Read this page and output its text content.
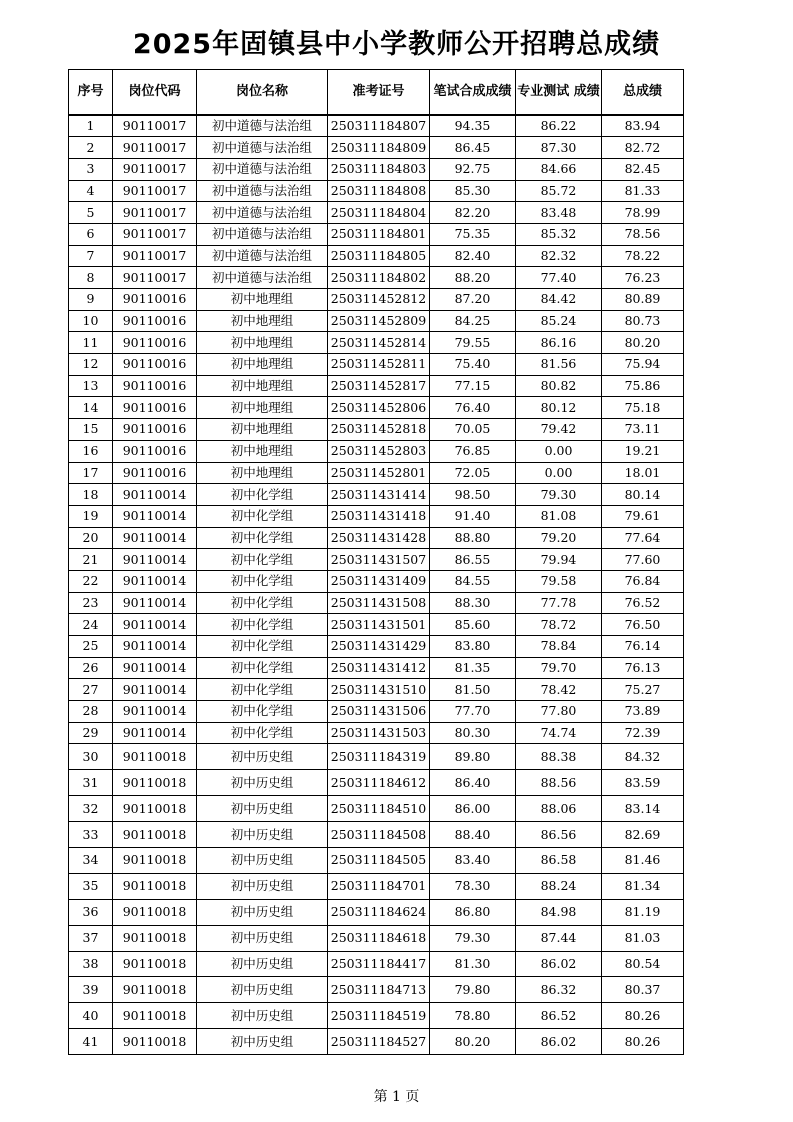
2025年固镇县中小学教师公开招聘总成绩
序号	岗位代码	岗位名称	准考证号	笔试合成成绩	专业测试 成绩	总成绩
1	90110017	初中道德与法治组	250311184807	94.35	86.22	83.94
2	90110017	初中道德与法治组	250311184809	86.45	87.30	82.72
3	90110017	初中道德与法治组	250311184803	92.75	84.66	82.45
4	90110017	初中道德与法治组	250311184808	85.30	85.72	81.33
5	90110017	初中道德与法治组	250311184804	82.20	83.48	78.99
6	90110017	初中道德与法治组	250311184801	75.35	85.32	78.56
7	90110017	初中道德与法治组	250311184805	82.40	82.32	78.22
8	90110017	初中道德与法治组	250311184802	88.20	77.40	76.23
9	90110016	初中地理组	250311452812	87.20	84.42	80.89
10	90110016	初中地理组	250311452809	84.25	85.24	80.73
11	90110016	初中地理组	250311452814	79.55	86.16	80.20
12	90110016	初中地理组	250311452811	75.40	81.56	75.94
13	90110016	初中地理组	250311452817	77.15	80.82	75.86
14	90110016	初中地理组	250311452806	76.40	80.12	75.18
15	90110016	初中地理组	250311452818	70.05	79.42	73.11
16	90110016	初中地理组	250311452803	76.85	0.00	19.21
17	90110016	初中地理组	250311452801	72.05	0.00	18.01
18	90110014	初中化学组	250311431414	98.50	79.30	80.14
19	90110014	初中化学组	250311431418	91.40	81.08	79.61
20	90110014	初中化学组	250311431428	88.80	79.20	77.64
21	90110014	初中化学组	250311431507	86.55	79.94	77.60
22	90110014	初中化学组	250311431409	84.55	79.58	76.84
23	90110014	初中化学组	250311431508	88.30	77.78	76.52
24	90110014	初中化学组	250311431501	85.60	78.72	76.50
25	90110014	初中化学组	250311431429	83.80	78.84	76.14
26	90110014	初中化学组	250311431412	81.35	79.70	76.13
27	90110014	初中化学组	250311431510	81.50	78.42	75.27
28	90110014	初中化学组	250311431506	77.70	77.80	73.89
29	90110014	初中化学组	250311431503	80.30	74.74	72.39
30	90110018	初中历史组	250311184319	89.80	88.38	84.32
31	90110018	初中历史组	250311184612	86.40	88.56	83.59
32	90110018	初中历史组	250311184510	86.00	88.06	83.14
33	90110018	初中历史组	250311184508	88.40	86.56	82.69
34	90110018	初中历史组	250311184505	83.40	86.58	81.46
35	90110018	初中历史组	250311184701	78.30	88.24	81.34
36	90110018	初中历史组	250311184624	86.80	84.98	81.19
37	90110018	初中历史组	250311184618	79.30	87.44	81.03
38	90110018	初中历史组	250311184417	81.30	86.02	80.54
39	90110018	初中历史组	250311184713	79.80	86.32	80.37
40	90110018	初中历史组	250311184519	78.80	86.52	80.26
41	90110018	初中历史组	250311184527	80.20	86.02	80.26
第 1 页
